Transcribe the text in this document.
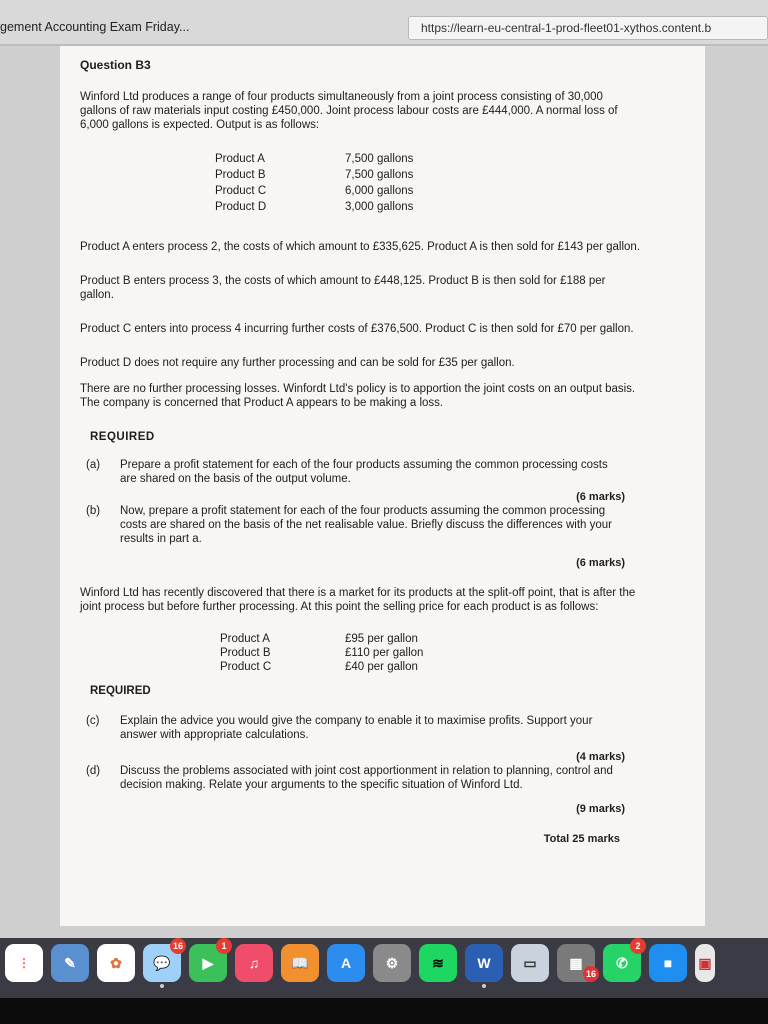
gement Accounting Exam Friday...	https://learn-eu-central-1-prod-fleet01-xythos.content.b
Question B3
Winford Ltd produces a range of four products simultaneously from a joint process consisting of 30,000 gallons of raw materials input costing £450,000. Joint process labour costs are £444,000. A normal loss of 6,000 gallons is expected. Output is as follows:
Product A	7,500 gallons
Product B	7,500 gallons
Product C	6,000 gallons
Product D	3,000 gallons
Product A enters process 2, the costs of which amount to £335,625. Product A is then sold for £143 per gallon.
Product B enters process 3, the costs of which amount to £448,125. Product B is then sold for £188 per gallon.
Product C enters into process 4 incurring further costs of £376,500. Product C is then sold for £70 per gallon.
Product D does not require any further processing and can be sold for £35 per gallon.
There are no further processing losses. Winfordt Ltd's policy is to apportion the joint costs on an output basis. The company is concerned that Product A appears to be making a loss.
REQUIRED
(a)	Prepare a profit statement for each of the four products assuming the common processing costs are shared on the basis of the output volume.
(6 marks)
(b)	Now, prepare a profit statement for each of the four products assuming the common processing costs are shared on the basis of the net realisable value. Briefly discuss the differences with your results in part a.
(6 marks)
Winford Ltd has recently discovered that there is a market for its products at the split-off point, that is after the joint process but before further processing. At this point the selling price for each product is as follows:
Product A	£95 per gallon
Product B	£110 per gallon
Product C	£40 per gallon
REQUIRED
(c)	Explain the advice you would give the company to enable it to maximise profits. Support your answer with appropriate calculations.
(4 marks)
(d)	Discuss the problems associated with joint cost apportionment in relation to planning, control and decision making. Relate your arguments to the specific situation of Winford Ltd.
(9 marks)
Total 25 marks
⋮ ✎ ✿ 💬
16
▶
1
♫ 📖 A ⚙ ≋ W ▭ ▦
16
✆
2
■ ▣
